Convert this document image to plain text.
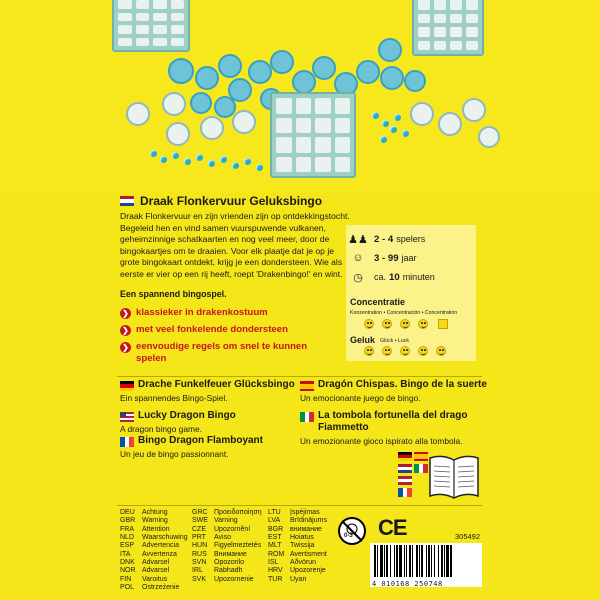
Draak Flonkervuur Geluksbingo
Draak Flonkervuur en zijn vrienden zijn op ontdekkingstocht. Begeleid hen en vind samen vuurspuwende vulkanen, geheimzinnige schatkaarten en nog veel meer, door de bingokaartjes om te draaien. Voor elk plaatje dat je op je grote bingokaart ontdekt, krijg je een dondersteen. Wie als eerste er vier op een rij heeft, roept 'Drakenbingo!' en wint.
Een spannend bingospel.
❯ klassieker in drakenkostuum
❯ met veel fonkelende dondersteen
❯ eenvoudige regels om snel te kunnen spelen
♟♟ 2 - 4 spelers
☺ 3 - 99 jaar
◷	ca. 10 minuten
Concentratie
Konzentration • Concentración • Concentration
Geluk Glück • Luck
Drache Funkelfeuer Glücksbingo
Ein spannendes Bingo-Spiel.
Lucky Dragon Bingo
A dragon bingo game.
Bingo Dragon Flamboyant
Un jeu de bingo passionnant.
Dragón Chispas. Bingo de la suerte
Un emocionante juego de bingo.
La tombola fortunella del drago Fiammetto
Un emozionante gioco ispirato alla tombola.
DEU Achtung
GBR Warning
FRA Attention
NLD Waarschuwing
ESP Advertencia
ITA Avvertenza
DNK Advarsel
NOR Advarsel
FIN Varoitus
POL Ostrzeżenie
GRC Προειδοποίηση
SWE Varning
CZE Upozornění
PRT Aviso
HUN Figyelmeztetés
RUS Внимание
SVN Opozorilo
IRL Rabhadh
SVK Upozornenie
LTU Įspėjimas
LVA Brīdinājums
BGR внимание
EST Hoiatus
MLT Twissija
ROM Avertisment
ISL Aðvörun
HRV Upozorenje
TUR Uyarı
0-3 CE	305492
4 010168 250748
